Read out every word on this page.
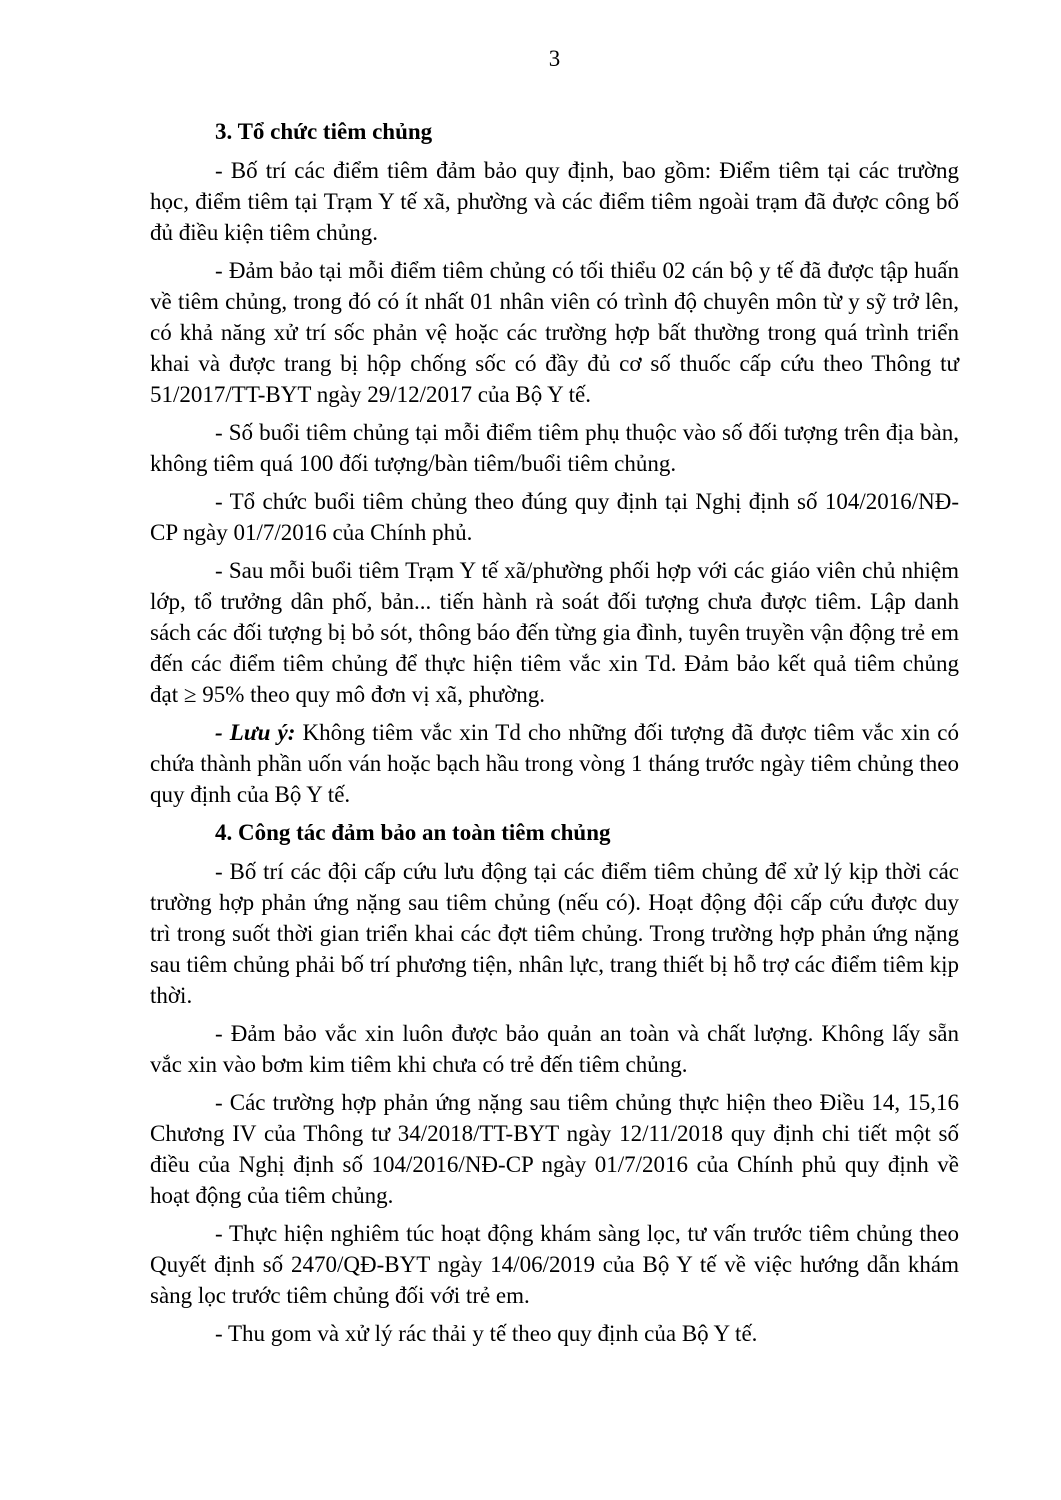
3
3. Tổ chức tiêm chủng

- Bố trí các điểm tiêm đảm bảo quy định, bao gồm: Điểm tiêm tại các trường học, điểm tiêm tại Trạm Y tế xã, phường và các điểm tiêm ngoài trạm đã được công bố đủ điều kiện tiêm chủng.

- Đảm bảo tại mỗi điểm tiêm chủng có tối thiểu 02 cán bộ y tế đã được tập huấn về tiêm chủng, trong đó có ít nhất 01 nhân viên có trình độ chuyên môn từ y sỹ trở lên, có khả năng xử trí sốc phản vệ hoặc các trường hợp bất thường trong quá trình triển khai và được trang bị hộp chống sốc có đầy đủ cơ số thuốc cấp cứu theo Thông tư 51/2017/TT-BYT ngày 29/12/2017 của Bộ Y tế.

- Số buổi tiêm chủng tại mỗi điểm tiêm phụ thuộc vào số đối tượng trên địa bàn, không tiêm quá 100 đối tượng/bàn tiêm/buổi tiêm chủng.

- Tổ chức buổi tiêm chủng theo đúng quy định tại Nghị định số 104/2016/NĐ-CP ngày 01/7/2016 của Chính phủ.

- Sau mỗi buổi tiêm Trạm Y tế xã/phường phối hợp với các giáo viên chủ nhiệm lớp, tổ trưởng dân phố, bản... tiến hành rà soát đối tượng chưa được tiêm. Lập danh sách các đối tượng bị bỏ sót, thông báo đến từng gia đình, tuyên truyền vận động trẻ em đến các điểm tiêm chủng để thực hiện tiêm vắc xin Td. Đảm bảo kết quả tiêm chủng đạt ≥ 95% theo quy mô đơn vị xã, phường.

- Lưu ý: Không tiêm vắc xin Td cho những đối tượng đã được tiêm vắc xin có chứa thành phần uốn ván hoặc bạch hầu trong vòng 1 tháng trước ngày tiêm chủng theo quy định của Bộ Y tế.

4. Công tác đảm bảo an toàn tiêm chủng

- Bố trí các đội cấp cứu lưu động tại các điểm tiêm chủng để xử lý kịp thời các trường hợp phản ứng nặng sau tiêm chủng (nếu có). Hoạt động đội cấp cứu được duy trì trong suốt thời gian triển khai các đợt tiêm chủng. Trong trường hợp phản ứng nặng sau tiêm chủng phải bố trí phương tiện, nhân lực, trang thiết bị hỗ trợ các điểm tiêm kịp thời.

- Đảm bảo vắc xin luôn được bảo quản an toàn và chất lượng. Không lấy sẵn vắc xin vào bơm kim tiêm khi chưa có trẻ đến tiêm chủng.

- Các trường hợp phản ứng nặng sau tiêm chủng thực hiện theo Điều 14, 15,16 Chương IV của Thông tư 34/2018/TT-BYT ngày 12/11/2018 quy định chi tiết một số điều của Nghị định số 104/2016/NĐ-CP ngày 01/7/2016 của Chính phủ quy định về hoạt động của tiêm chủng.

- Thực hiện nghiêm túc hoạt động khám sàng lọc, tư vấn trước tiêm chủng theo Quyết định số 2470/QĐ-BYT ngày 14/06/2019 của Bộ Y tế về việc hướng dẫn khám sàng lọc trước tiêm chủng đối với trẻ em.

- Thu gom và xử lý rác thải y tế theo quy định của Bộ Y tế.
